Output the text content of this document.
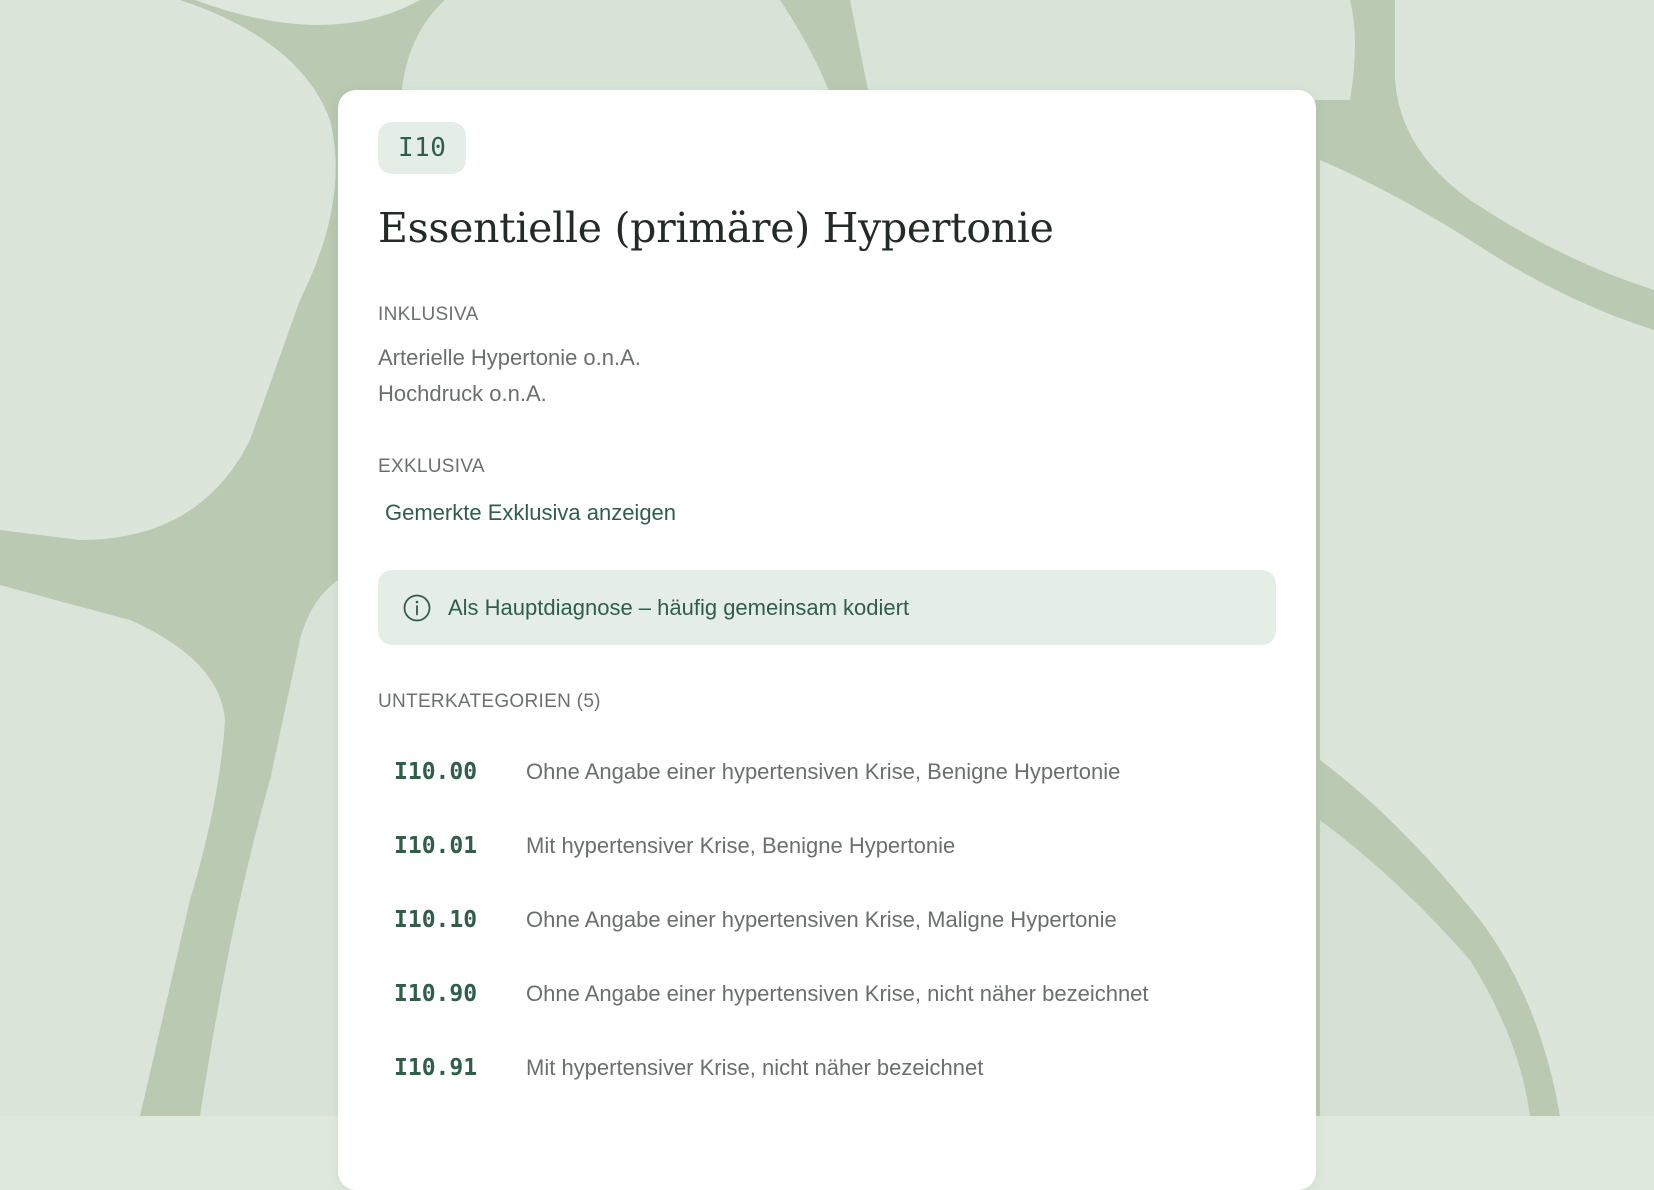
I10
Essentielle (primäre) Hypertonie
INKLUSIVA
Arterielle Hypertonie o.n.A.
Hochdruck o.n.A.
EXKLUSIVA
Gemerkte Exklusiva anzeigen
Als Hauptdiagnose – häufig gemeinsam kodiert
UNTERKATEGORIEN (5)
I10.00	Ohne Angabe einer hypertensiven Krise, Benigne Hypertonie
I10.01	Mit hypertensiver Krise, Benigne Hypertonie
I10.10	Ohne Angabe einer hypertensiven Krise, Maligne Hypertonie
I10.90	Ohne Angabe einer hypertensiven Krise, nicht näher bezeichnet
I10.91	Mit hypertensiver Krise, nicht näher bezeichnet
